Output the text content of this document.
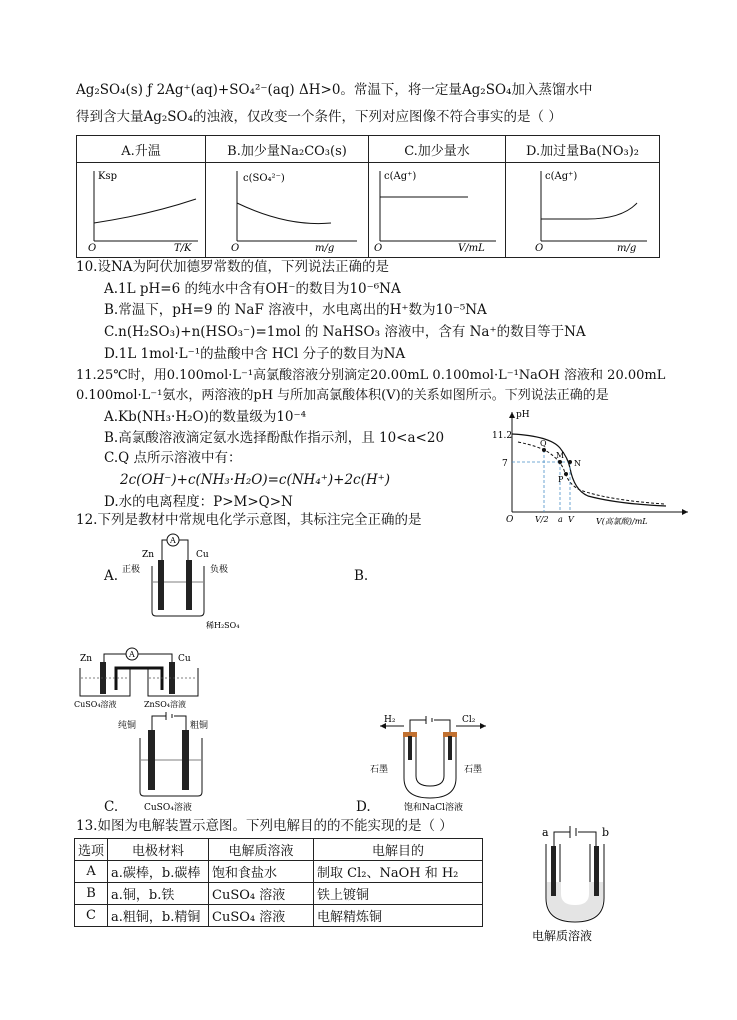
Ag₂SO₄(s) ƒ 2Ag⁺(aq)+SO₄²⁻(aq) ΔH>0。常温下，将一定量Ag₂SO₄加入蒸馏水中
得到含大量Ag₂SO₄的浊液，仅改变一个条件，下列对应图像不符合事实的是（ ）
A.升温	B.加少量Na₂CO₃(s)	C.加少量水	D.加过量Ba(NO₃)₂

Ksp
O T/K	c(SO₄²⁻)
O m/g	c(Ag⁺)
O V/mL	c(Ag⁺)
O m/g
10.设NA为阿伏加德罗常数的值，下列说法正确的是
A.1L pH=6 的纯水中含有OH⁻的数目为10⁻⁶NA
B.常温下，pH=9 的 NaF 溶液中，水电离出的H⁺数为10⁻⁵NA
C.n(H₂SO₃)+n(HSO₃⁻)=1mol 的 NaHSO₃ 溶液中，含有 Na⁺的数目等于NA
D.1L 1mol·L⁻¹的盐酸中含 HCl 分子的数目为NA
11.25℃时，用0.100mol·L⁻¹高氯酸溶液分别滴定20.00mL 0.100mol·L⁻¹NaOH 溶液和 20.00mL
0.100mol·L⁻¹氨水，两溶液的pH 与所加高氯酸体积(V)的关系如图所示。下列说法正确的是
A.Kb(NH₃·H₂O)的数量级为10⁻⁴
B.高氯酸溶液滴定氨水选择酚酞作指示剂，且 10<a<20
C.Q 点所示溶液中有：
2c(OH⁻)+c(NH₃·H₂O)=c(NH₄⁺)+2c(H⁺)
D.水的电离程度：P>M>Q>N
11.2
7
pH
O	V/2 a V	V(高氯酸)/mL
Q
M
N
P
12.下列是教材中常规电化学示意图，其标注完全正确的是
A.
A
Zn	Cu
正极	负极
稀H₂SO₄
B.
A
Zn	Cu
CuSO₄溶液	ZnSO₄溶液
纯铜	粗铜
CuSO₄溶液
C.
H₂	Cl₂
石墨	石墨
饱和NaCl溶液
D.
13.如图为电解装置示意图。下列电解目的的不能实现的是（ ）
选项	电极材料	电解质溶液	电解目的
A	a.碳棒，b.碳棒	饱和食盐水	制取 Cl₂、NaOH 和 H₂
B	a.铜，b.铁	CuSO₄ 溶液	铁上镀铜
C	a.粗铜，b.精铜	CuSO₄ 溶液	电解精炼铜
a	b
电解质溶液
